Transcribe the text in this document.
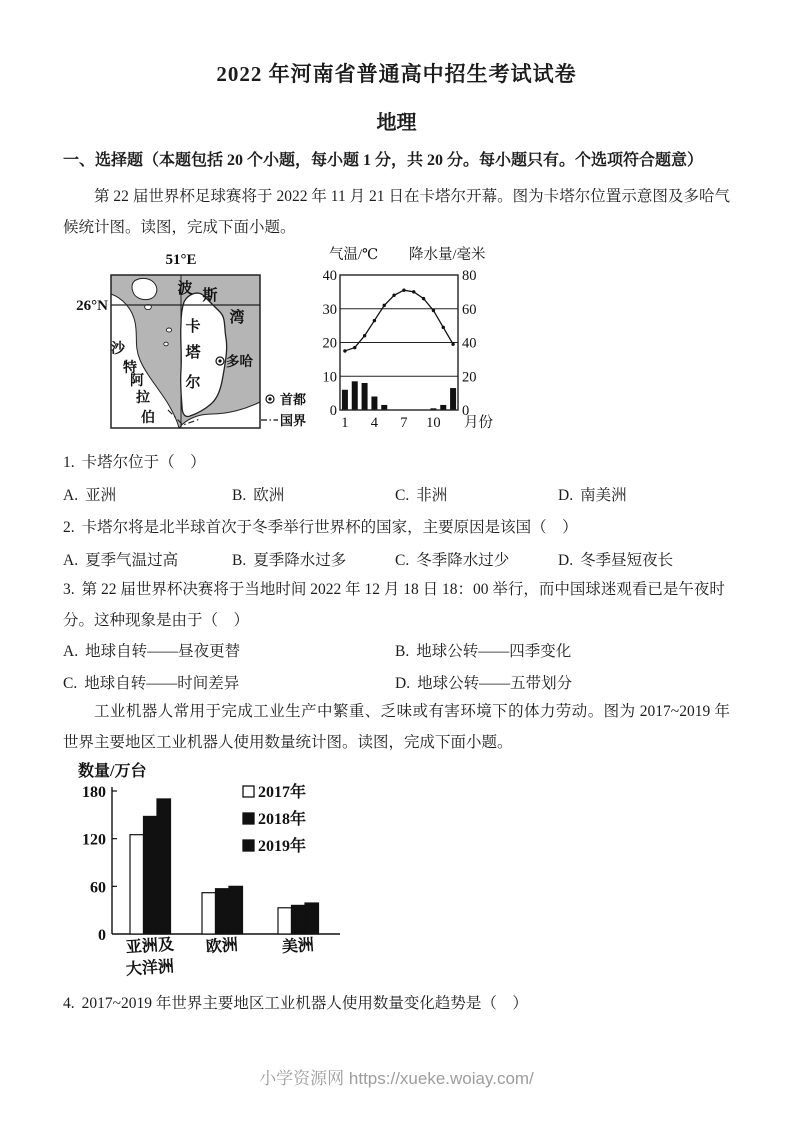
2022 年河南省普通高中招生考试试卷
地理
一、选择题（本题包括 20 个小题，每小题 1 分，共 20 分。每小题只有。个选项符合题意）
第 22 届世界杯足球赛将于 2022 年 11 月 21 日在卡塔尔开幕。图为卡塔尔位置示意图及多哈气候统计图。读图，完成下面小题。
51°E
26°N
波 斯
湾
卡
塔
尔
沙
特
阿
拉
伯
多哈
首都
国界
0
10
20
30
40
0
20
40
60
80
气温/℃ 降水量/毫米
1 4 7 10 月份
1. 卡塔尔位于（　）
A. 亚洲	B. 欧洲	C. 非洲	D. 南美洲
2. 卡塔尔将是北半球首次于冬季举行世界杯的国家，主要原因是该国（　）
A. 夏季气温过高	B. 夏季降水过多	C. 冬季降水过少	D. 冬季昼短夜长
3. 第 22 届世界杯决赛将于当地时间 2022 年 12 月 18 日 18：00 举行，而中国球迷观看已是午夜时分。这种现象是由于（　）
A. 地球自转——昼夜更替	B. 地球公转——四季变化
C. 地球自转——时间差异	D. 地球公转——五带划分
工业机器人常用于完成工业生产中繁重、乏味或有害环境下的体力劳动。图为 2017~2019 年世界主要地区工业机器人使用数量统计图。读图，完成下面小题。
数量/万台
0
60
120
180	2017年
2018年
2019年
亚洲及
大洋洲
欧洲	美洲
4. 2017~2019 年世界主要地区工业机器人使用数量变化趋势是（　）
小学资源网 https://xueke.woiay.com/
